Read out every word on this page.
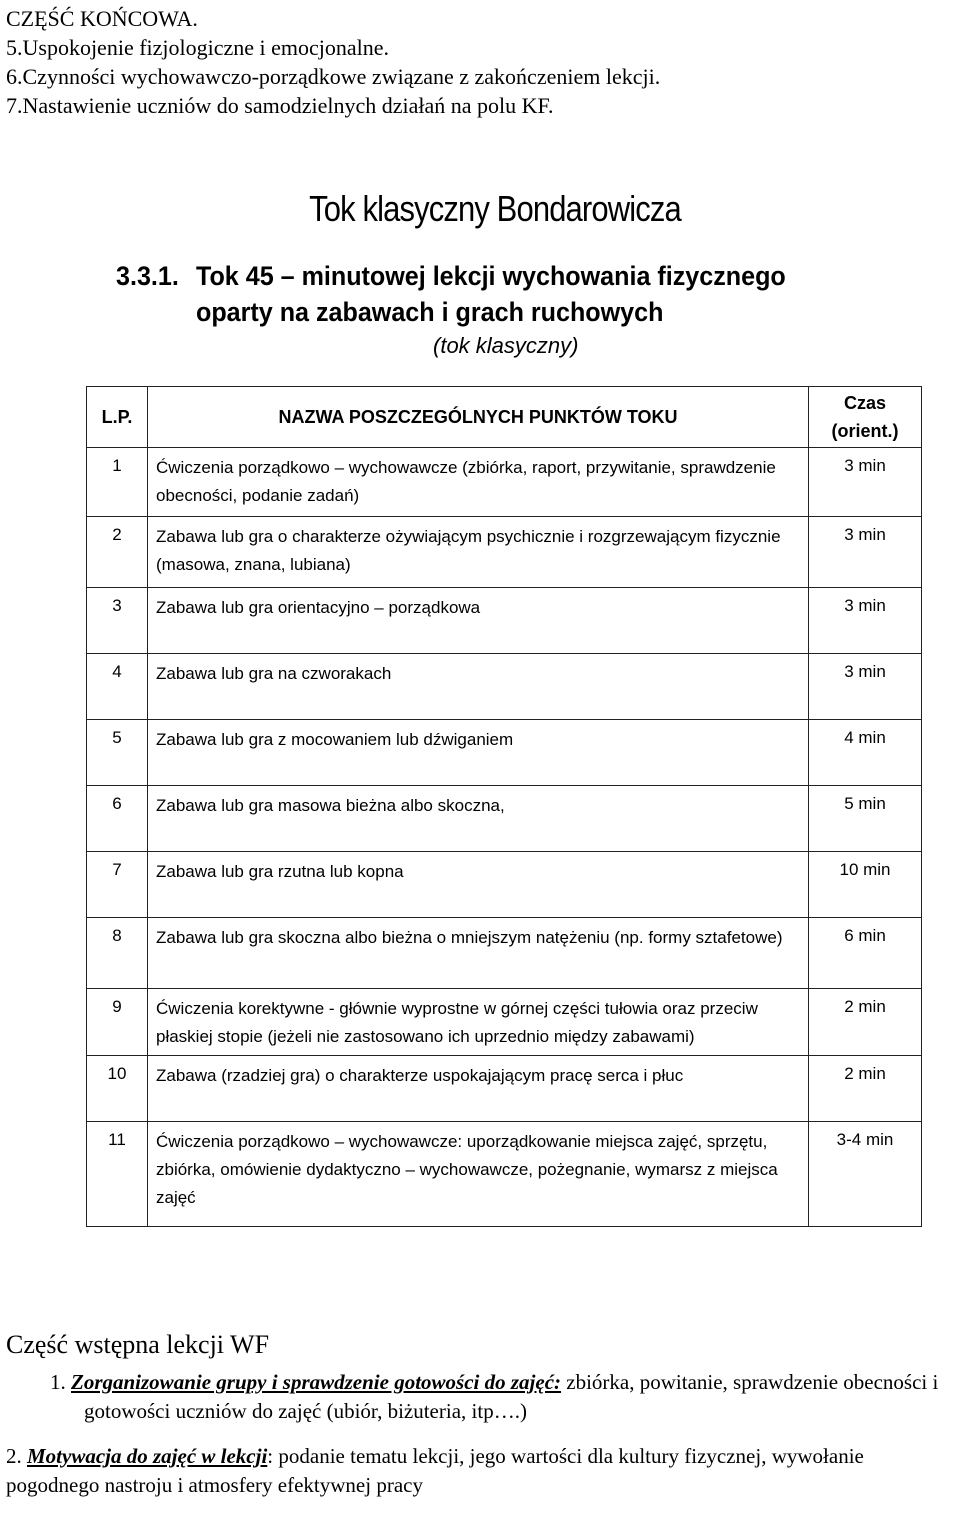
CZĘŚĆ KOŃCOWA.
5.Uspokojenie fizjologiczne i emocjonalne.
6.Czynności wychowawczo-porządkowe związane z zakończeniem lekcji.
7.Nastawienie uczniów do samodzielnych działań na polu KF.
Tok klasyczny Bondarowicza
3.3.1. Tok 45 – minutowej lekcji wychowania fizycznego
oparty na zabawach i grach ruchowych
(tok klasyczny)
L.P.	NAZWA POSZCZEGÓLNYCH PUNKTÓW TOKU	Czas
(orient.)

1	Ćwiczenia porządkowo – wychowawcze (zbiórka, raport, przywitanie, sprawdzenie obecności, podanie zadań)	3 min
2	Zabawa lub gra o charakterze ożywiającym psychicznie i rozgrzewającym fizycznie (masowa, znana, lubiana)	3 min
3	Zabawa lub gra orientacyjno – porządkowa	3 min
4	Zabawa lub gra na czworakach	3 min
5	Zabawa lub gra z mocowaniem lub dźwiganiem	4 min
6	Zabawa lub gra masowa bieżna albo skoczna,	5 min
7	Zabawa lub gra rzutna lub kopna	10 min
8	Zabawa lub gra skoczna albo bieżna o mniejszym natężeniu (np. formy sztafetowe)	6 min
9	Ćwiczenia korektywne - głównie wyprostne w górnej części tułowia oraz przeciw płaskiej stopie (jeżeli nie zastosowano ich uprzednio między zabawami)	2 min
10	Zabawa (rzadziej gra) o charakterze uspokajającym pracę serca i płuc	2 min
11	Ćwiczenia porządkowo – wychowawcze: uporządkowanie miejsca zajęć, sprzętu, zbiórka, omówienie dydaktyczno – wychowawcze, pożegnanie, wymarsz z miejsca zajęć	3-4 min
Część wstępna lekcji WF
1. Zorganizowanie grupy i sprawdzenie gotowości do zajęć: zbiórka, powitanie, sprawdzenie obecności i gotowości uczniów do zajęć (ubiór, biżuteria, itp….)
2. Motywacja do zajęć w lekcji: podanie tematu lekcji, jego wartości dla kultury fizycznej, wywołanie pogodnego nastroju i atmosfery efektywnej pracy
